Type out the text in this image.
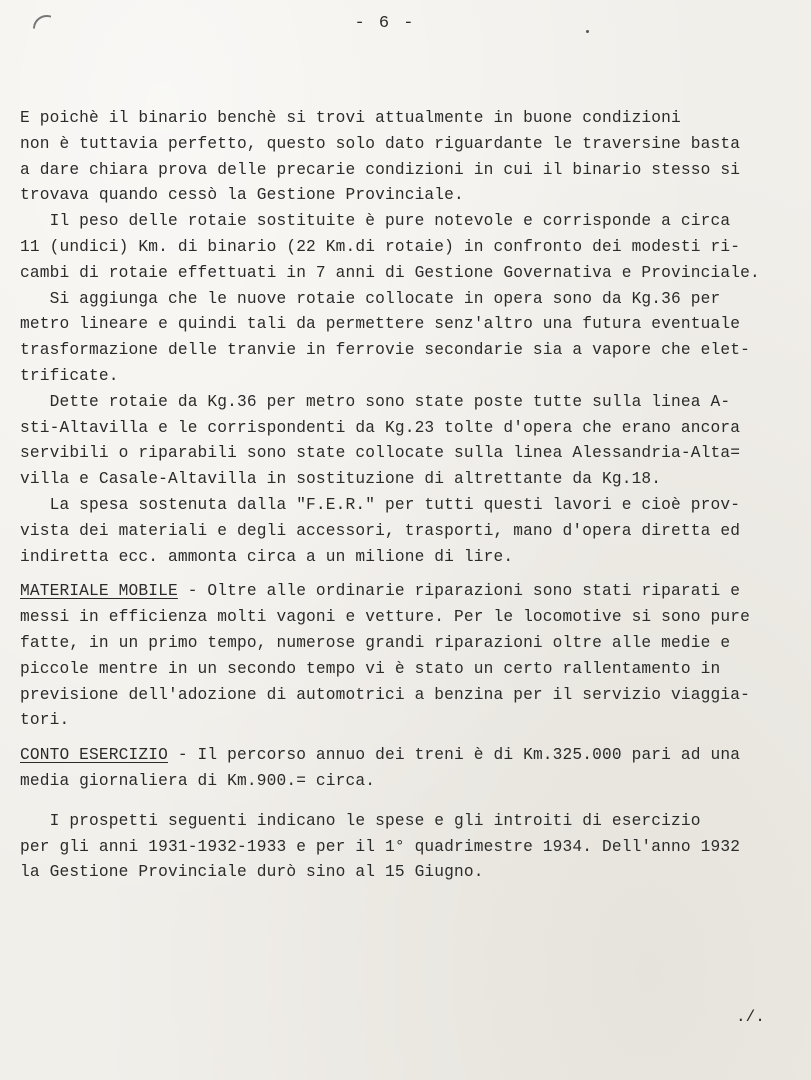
- 6 -

E poichè il binario benchè si trovi attualmente in buone condizioni

non è tuttavia perfetto, questo solo dato riguardante le traversine basta

a dare chiara prova delle precarie condizioni in cui il binario stesso si

trovava quando cessò la Gestione Provinciale.

Il peso delle rotaie sostituite è pure notevole e corrisponde a circa

11 (undici) Km. di binario (22 Km.di rotaie) in confronto dei modesti ri-

cambi di rotaie effettuati in 7 anni di Gestione Governativa e Provinciale.

Si aggiunga che le nuove rotaie collocate in opera sono da Kg.36 per

metro lineare e quindi tali da permettere senz'altro una futura eventuale

trasformazione delle tranvie in ferrovie secondarie sia a vapore che elet-

trificate.

Dette rotaie da Kg.36 per metro sono state poste tutte sulla linea A-

sti-Altavilla e le corrispondenti da Kg.23 tolte d'opera che erano ancora

servibili o riparabili sono state collocate sulla linea Alessandria-Alta=

villa e Casale-Altavilla in sostituzione di altrettante da Kg.18.

La spesa sostenuta dalla "F.E.R." per tutti questi lavori e cioè prov-

vista dei materiali e degli accessori, trasporti, mano d'opera diretta ed

indiretta ecc. ammonta circa a un milione di lire.

MATERIALE MOBILE - Oltre alle ordinarie riparazioni sono stati riparati e

messi in efficienza molti vagoni e vetture. Per le locomotive si sono pure

fatte, in un primo tempo, numerose grandi riparazioni oltre alle medie e

piccole mentre in un secondo tempo vi è stato un certo rallentamento in

previsione dell'adozione di automotrici a benzina per il servizio viaggia-

tori.

CONTO ESERCIZIO - Il percorso annuo dei treni è di Km.325.000 pari ad una

media giornaliera di Km.900.= circa.

I prospetti seguenti indicano le spese e gli introiti di esercizio

per gli anni 1931-1932-1933 e per il 1° quadrimestre 1934. Dell'anno 1932

la Gestione Provinciale durò sino al 15 Giugno.

./.
